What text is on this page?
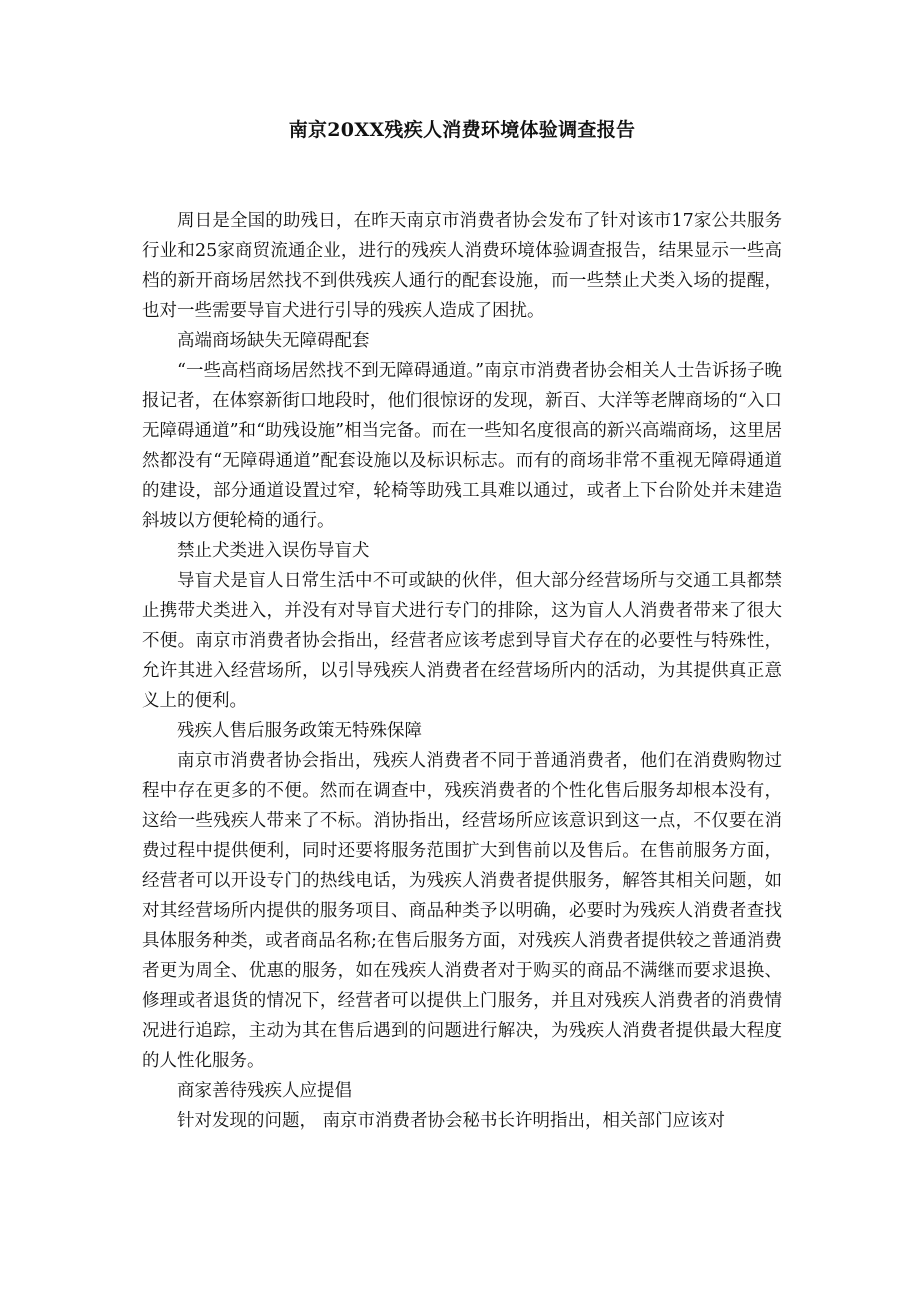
南京20XX残疾人消费环境体验调查报告

周日是全国的助残日，在昨天南京市消费者协会发布了针对该市17家公共服务行业和25家商贸流通企业，进行的残疾人消费环境体验调查报告，结果显示一些高档的新开商场居然找不到供残疾人通行的配套设施，而一些禁止犬类入场的提醒，也对一些需要导盲犬进行引导的残疾人造成了困扰。

高端商场缺失无障碍配套

“一些高档商场居然找不到无障碍通道。”南京市消费者协会相关人士告诉扬子晚报记者，在体察新街口地段时，他们很惊讶的发现，新百、大洋等老牌商场的“入口无障碍通道”和“助残设施”相当完备。而在一些知名度很高的新兴高端商场，这里居然都没有“无障碍通道”配套设施以及标识标志。而有的商场非常不重视无障碍通道的建设，部分通道设置过窄，轮椅等助残工具难以通过，或者上下台阶处并未建造斜坡以方便轮椅的通行。

禁止犬类进入误伤导盲犬

导盲犬是盲人日常生活中不可或缺的伙伴，但大部分经营场所与交通工具都禁止携带犬类进入，并没有对导盲犬进行专门的排除，这为盲人人消费者带来了很大不便。南京市消费者协会指出，经营者应该考虑到导盲犬存在的必要性与特殊性，允许其进入经营场所，以引导残疾人消费者在经营场所内的活动，为其提供真正意义上的便利。

残疾人售后服务政策无特殊保障

南京市消费者协会指出，残疾人消费者不同于普通消费者，他们在消费购物过程中存在更多的不便。然而在调查中，残疾消费者的个性化售后服务却根本没有，这给一些残疾人带来了不标。消协指出，经营场所应该意识到这一点，不仅要在消费过程中提供便利，同时还要将服务范围扩大到售前以及售后。在售前服务方面，经营者可以开设专门的热线电话，为残疾人消费者提供服务，解答其相关问题，如对其经营场所内提供的服务项目、商品种类予以明确，必要时为残疾人消费者查找具体服务种类，或者商品名称;在售后服务方面，对残疾人消费者提供较之普通消费者更为周全、优惠的服务，如在残疾人消费者对于购买的商品不满继而要求退换、修理或者退货的情况下，经营者可以提供上门服务，并且对残疾人消费者的消费情况进行追踪，主动为其在售后遇到的问题进行解决，为残疾人消费者提供最大程度的人性化服务。

商家善待残疾人应提倡

针对发现的问题， 南京市消费者协会秘书长许明指出，相关部门应该对
